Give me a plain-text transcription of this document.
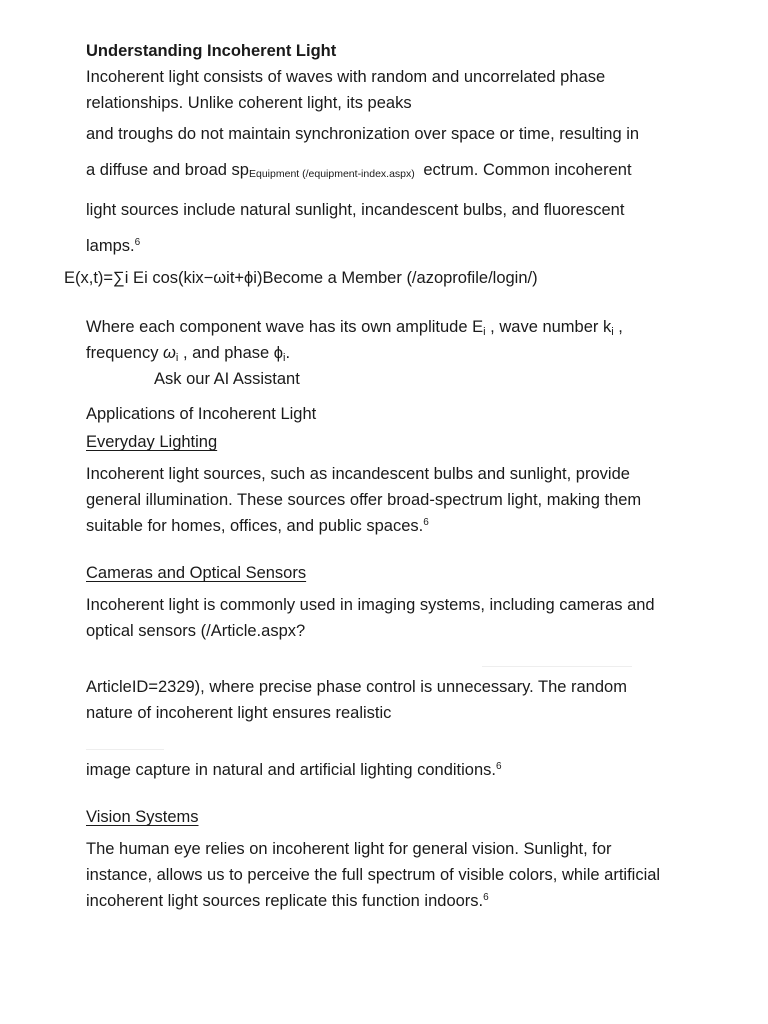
Understanding Incoherent Light
Incoherent light consists of waves with random and uncorrelated phase
relationships. Unlike coherent light, its peaks
and troughs do not maintain synchronization over space or time, resulting in
a diffuse and broad spEquipment (/equipment-index.aspx) ectrum. Common incoherent
light sources include natural sunlight, incandescent bulbs, and fluorescent
lamps.$^6$
E(x,t)=∑i Ei cos(kix−ωit+ϕi)Become a Member (/azoprofile/login/)
Where each component wave has its own amplitude $E_i$ , wave number $k_i$ ,
frequency $\omega_i$ , and phase $\phi_i$.
Ask our AI Assistant
Applications of Incoherent Light
Everyday Lighting
Incoherent light sources, such as incandescent bulbs and sunlight, provide general illumination. These sources offer broad-spectrum light, making them suitable for homes, offices, and public spaces.$^6$
Cameras and Optical Sensors
Incoherent light is commonly used in imaging systems, including cameras and
optical sensors (/Article.aspx?
ArticleID=2329), where precise phase control is unnecessary. The random
nature of incoherent light ensures realistic
image capture in natural and artificial lighting conditions.$^6$
Vision Systems
The human eye relies on incoherent light for general vision. Sunlight, for instance, allows us to perceive the full spectrum of visible colors, while artificial incoherent light sources replicate this function indoors.$^6$
